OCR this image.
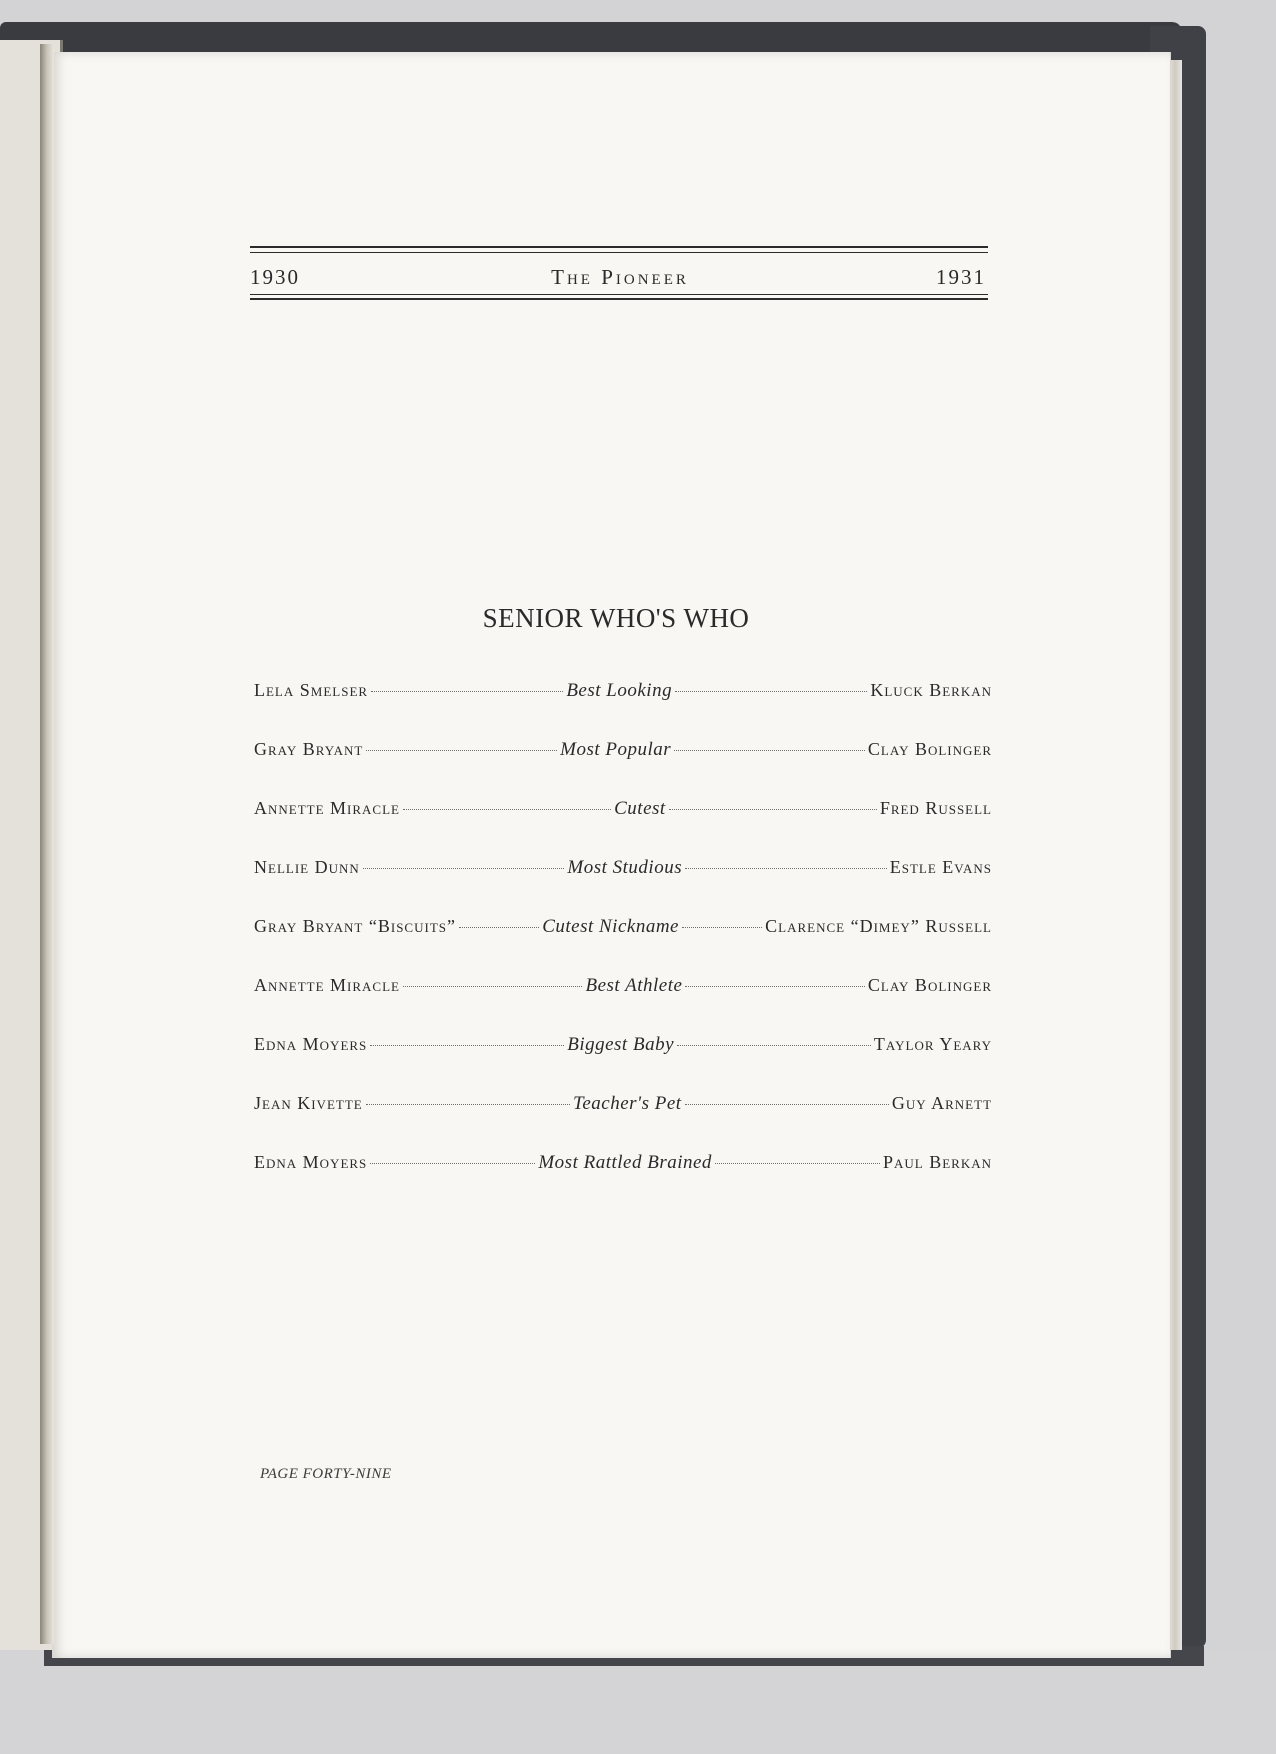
1930	The Pioneer	1931
SENIOR WHO'S WHO
Lela Smelser	Best Looking	Kluck Berkan
Gray Bryant	Most Popular	Clay Bolinger
Annette Miracle	Cutest	Fred Russell
Nellie Dunn	Most Studious	Estle Evans
Gray Bryant “Biscuits”	Cutest Nickname	Clarence “Dimey” Russell
Annette Miracle	Best Athlete	Clay Bolinger
Edna Moyers	Biggest Baby	Taylor Yeary
Jean Kivette	Teacher's Pet	Guy Arnett
Edna Moyers	Most Rattled Brained	Paul Berkan
PAGE FORTY-NINE
